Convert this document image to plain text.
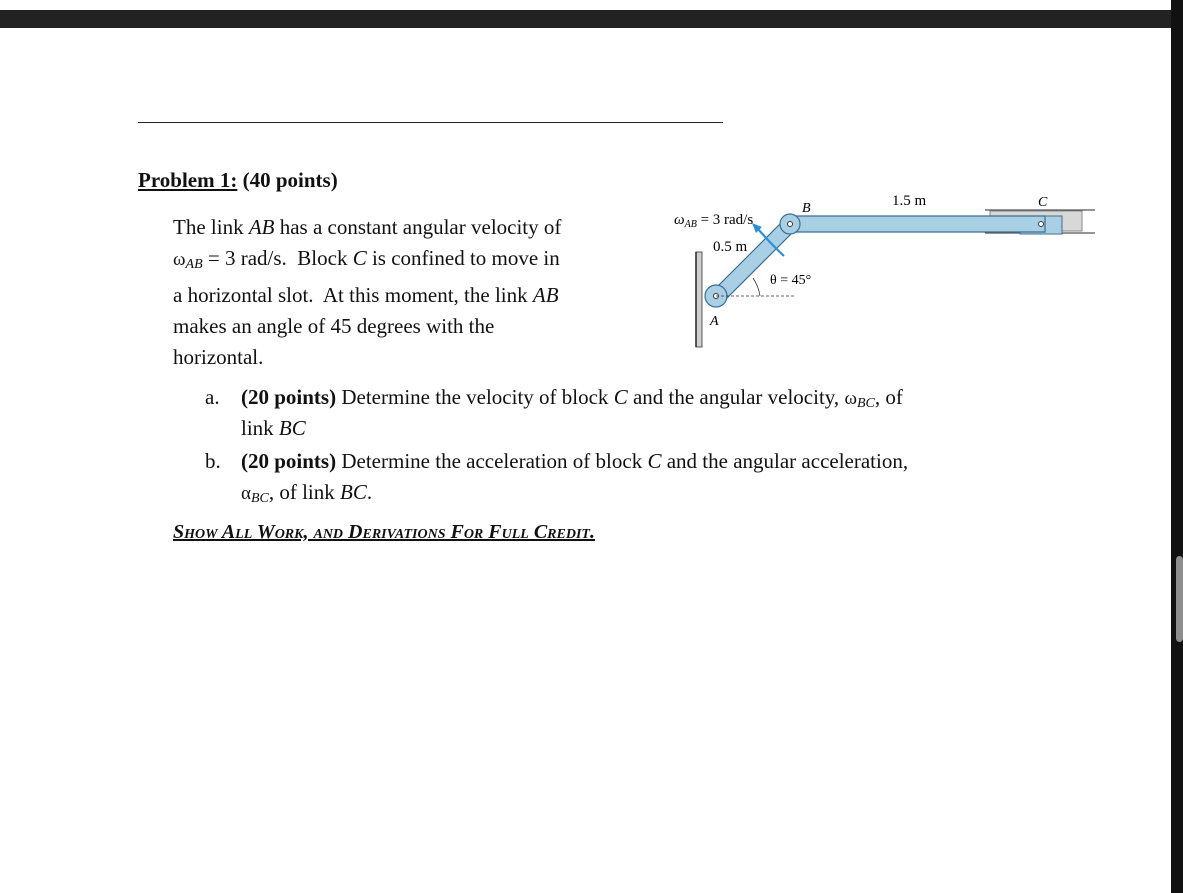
Problem 1: (40 points)

The link AB has a constant angular velocity of

$\omega_{AB} = 3$ rad/s.  Block C is confined to move in

a horizontal slot.  At this moment, the link AB

makes an angle of 45 degrees with the

horizontal.

a. (20 points) Determine the velocity of block C and the angular velocity, $\omega_{BC}$, of
link BC
b. (20 points) Determine the acceleration of block C and the angular acceleration,
$\alpha_{BC}$, of link BC.
Show All Work, and Derivations For Full Credit.
$\omega_{AB} = 3$ rad/s
0.5 m
1.5 m
θ = 45°
A
B	C
